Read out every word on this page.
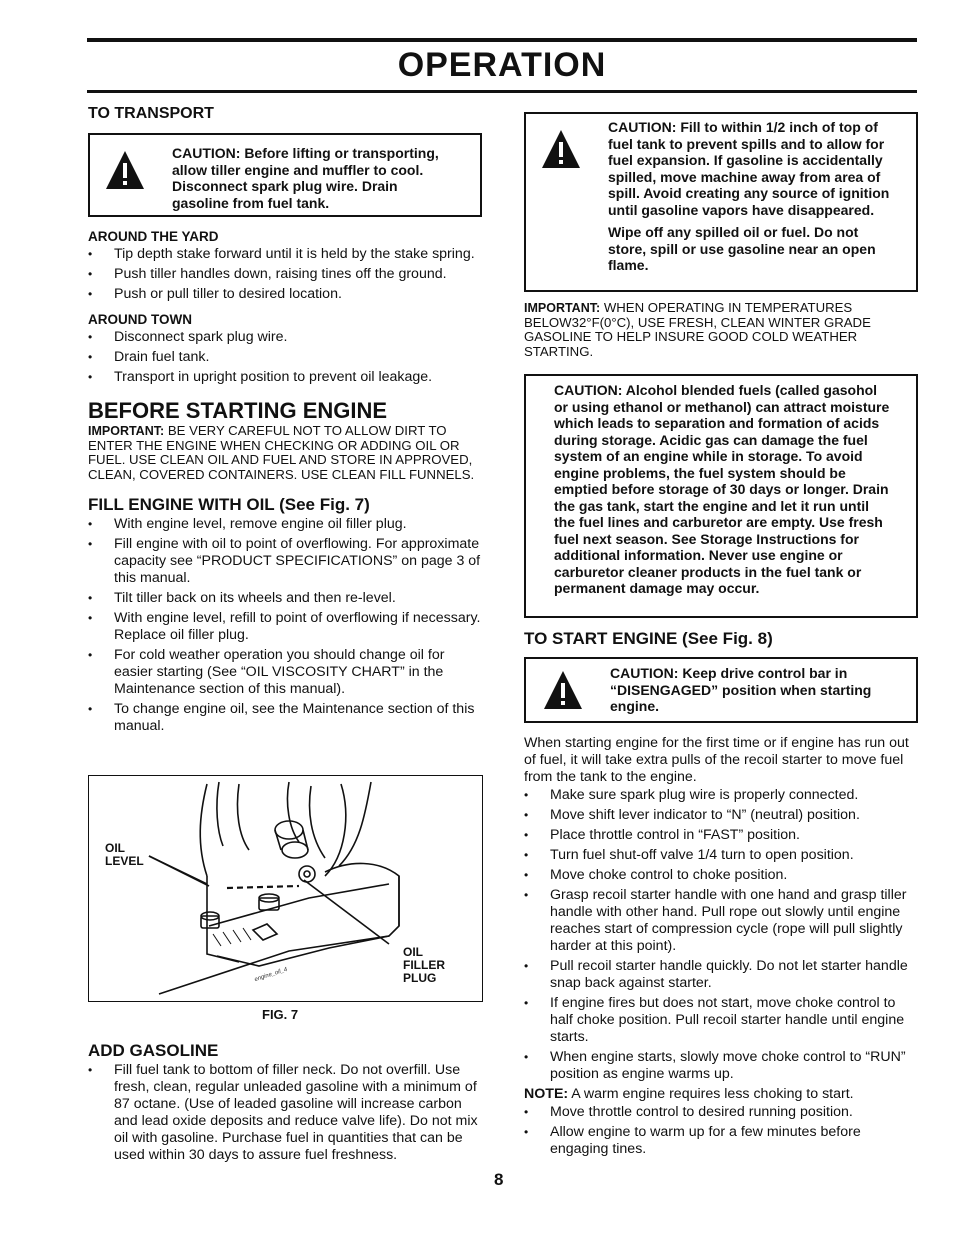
OPERATION
TO TRANSPORT
CAUTION: Before lifting or transporting, allow tiller engine and muffler to cool. Disconnect spark plug wire. Drain gasoline from fuel tank.
AROUND THE YARD
• Tip depth stake forward until it is held by the stake spring.
• Push tiller handles down, raising tines off the ground.
• Push or pull tiller to desired location.
AROUND TOWN
• Disconnect spark plug wire.
• Drain fuel tank.
• Transport in upright position to prevent oil leakage.
BEFORE STARTING ENGINE

IMPORTANT: BE VERY CAREFUL NOT TO ALLOW DIRT TO ENTER THE ENGINE WHEN CHECKING OR ADDING OIL OR FUEL. USE CLEAN OIL AND FUEL AND STORE IN APPROVED, CLEAN, COVERED CONTAINERS. USE CLEAN FILL FUNNELS.

FILL ENGINE WITH OIL (See Fig. 7)
• With engine level, remove engine oil filler plug.
• Fill engine with oil to point of overflowing. For approximate capacity see “PRODUCT SPECIFICATIONS” on page 3 of this manual.
• Tilt tiller back on its wheels and then re-level.
• With engine level, refill to point of overflowing if necessary. Replace oil filler plug.
• For cold weather operation you should change oil for easier starting (See “OIL VISCOSITY CHART” in the Maintenance section of this manual).
• To change engine oil, see the Maintenance section of this manual.
OIL
LEVEL
OIL
FILLER
PLUG
engine_oil_4
FIG. 7
ADD GASOLINE
• Fill fuel tank to bottom of filler neck. Do not overfill. Use fresh, clean, regular unleaded gasoline with a minimum of 87 octane. (Use of leaded gasoline will increase carbon and lead oxide deposits and reduce valve life). Do not mix oil with gasoline. Purchase fuel in quantities that can be used within 30 days to assure fuel freshness.
CAUTION: Fill to within 1/2 inch of top of fuel tank to prevent spills and to allow for fuel expansion. If gasoline is accidentally spilled, move machine away from area of spill. Avoid creating any source of ignition until gasoline vapors have disappeared.
Wipe off any spilled oil or fuel. Do not store, spill or use gasoline near an open flame.

IMPORTANT: WHEN OPERATING IN TEMPERATURES BELOW32°F(0°C), USE FRESH, CLEAN WINTER GRADE GASOLINE TO HELP INSURE GOOD COLD WEATHER STARTING.

CAUTION: Alcohol blended fuels (called gasohol or using ethanol or methanol) can attract moisture which leads to separation and formation of acids during storage. Acidic gas can damage the fuel system of an engine while in storage. To avoid engine problems, the fuel system should be emptied before storage of 30 days or longer. Drain the gas tank, start the engine and let it run until the fuel lines and carburetor are empty. Use fresh fuel next season. See Storage Instructions for additional information. Never use engine or carburetor cleaner products in the fuel tank or permanent damage may occur.
TO START ENGINE (See Fig. 8)
CAUTION: Keep drive control bar in “DISENGAGED” position when starting engine.

When starting engine for the first time or if engine has run out of fuel, it will take extra pulls of the recoil starter to move fuel from the tank to the engine.

• Make sure spark plug wire is properly connected.
• Move shift lever indicator to “N” (neutral) position.
• Place throttle control in “FAST” position.
• Turn fuel shut-off valve 1/4 turn to open position.
• Move choke control to choke position.
• Grasp recoil starter handle with one hand and grasp tiller handle with other hand. Pull rope out slowly until engine reaches start of compression cycle (rope will pull slightly harder at this point).
• Pull recoil starter handle quickly. Do not let starter handle snap back against starter.
• If engine fires but does not start, move choke control to half choke position. Pull recoil starter handle until engine starts.
• When engine starts, slowly move choke control to “RUN” position as engine warms up.

NOTE: A warm engine requires less choking to start.

• Move throttle control to desired running position.
• Allow engine to warm up for a few minutes before engaging tines.
8
